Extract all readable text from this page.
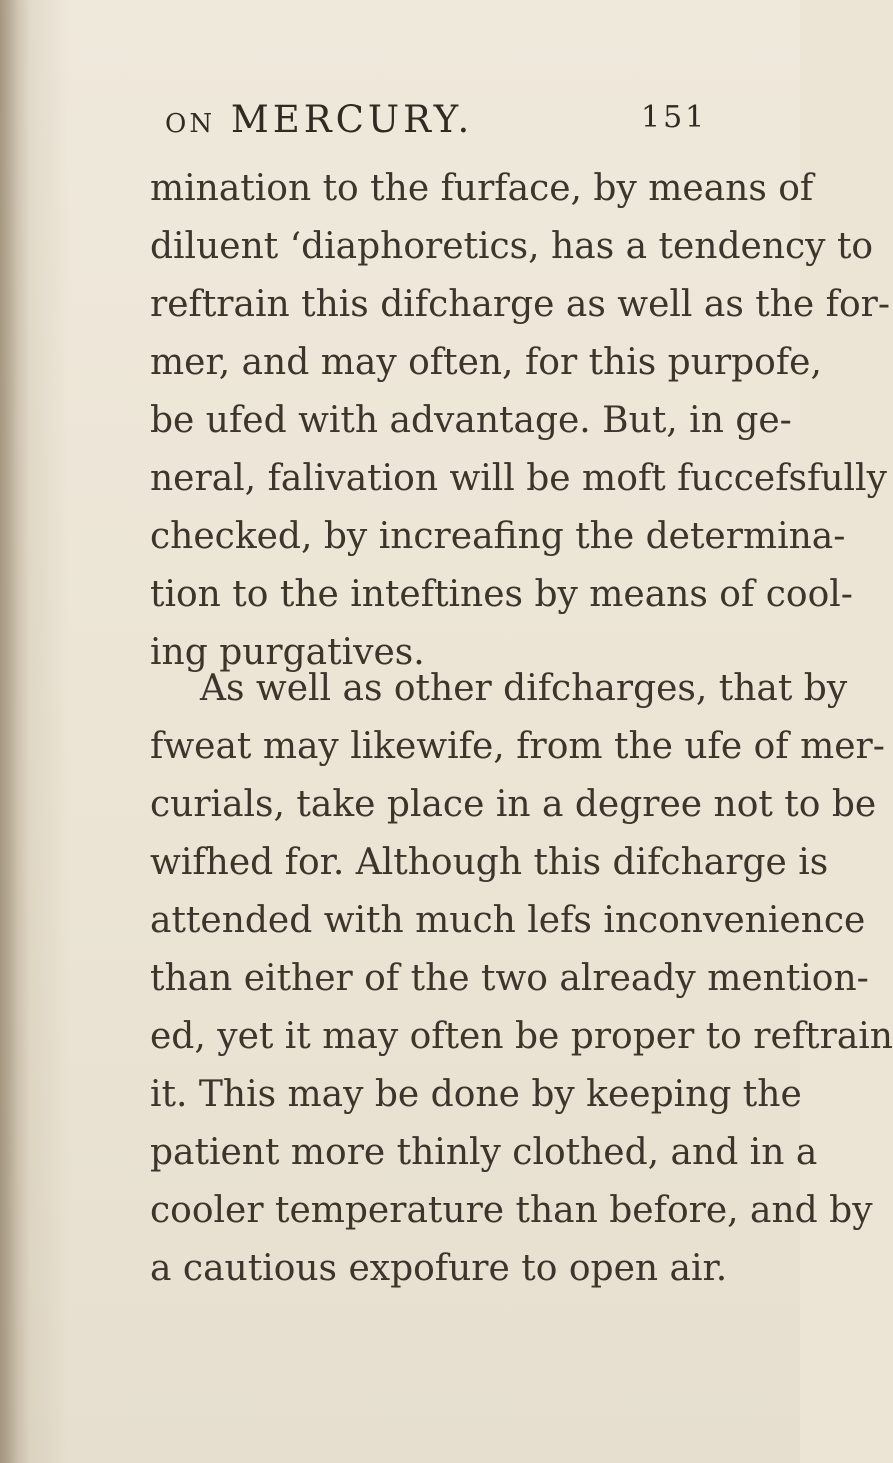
ON MERCURY.	151
mination to the furface, by means of
diluent ‘diaphoretics, has a tendency to
reftrain this difcharge as well as the for-
mer, and may often, for this purpofe,
be ufed with advantage. But, in ge-
neral, falivation will be moft fuccefsfully
checked, by increafing the determina-
tion to the inteftines by means of cool-
ing purgatives.
As well as other difcharges, that by
fweat may likewife, from the ufe of mer-
curials, take place in a degree not to be
wifhed for. Although this difcharge is
attended with much lefs inconvenience
than either of the two already mention-
ed, yet it may often be proper to reftrain
it. This may be done by keeping the
patient more thinly clothed, and in a
cooler temperature than before, and by
a cautious expofure to open air.
